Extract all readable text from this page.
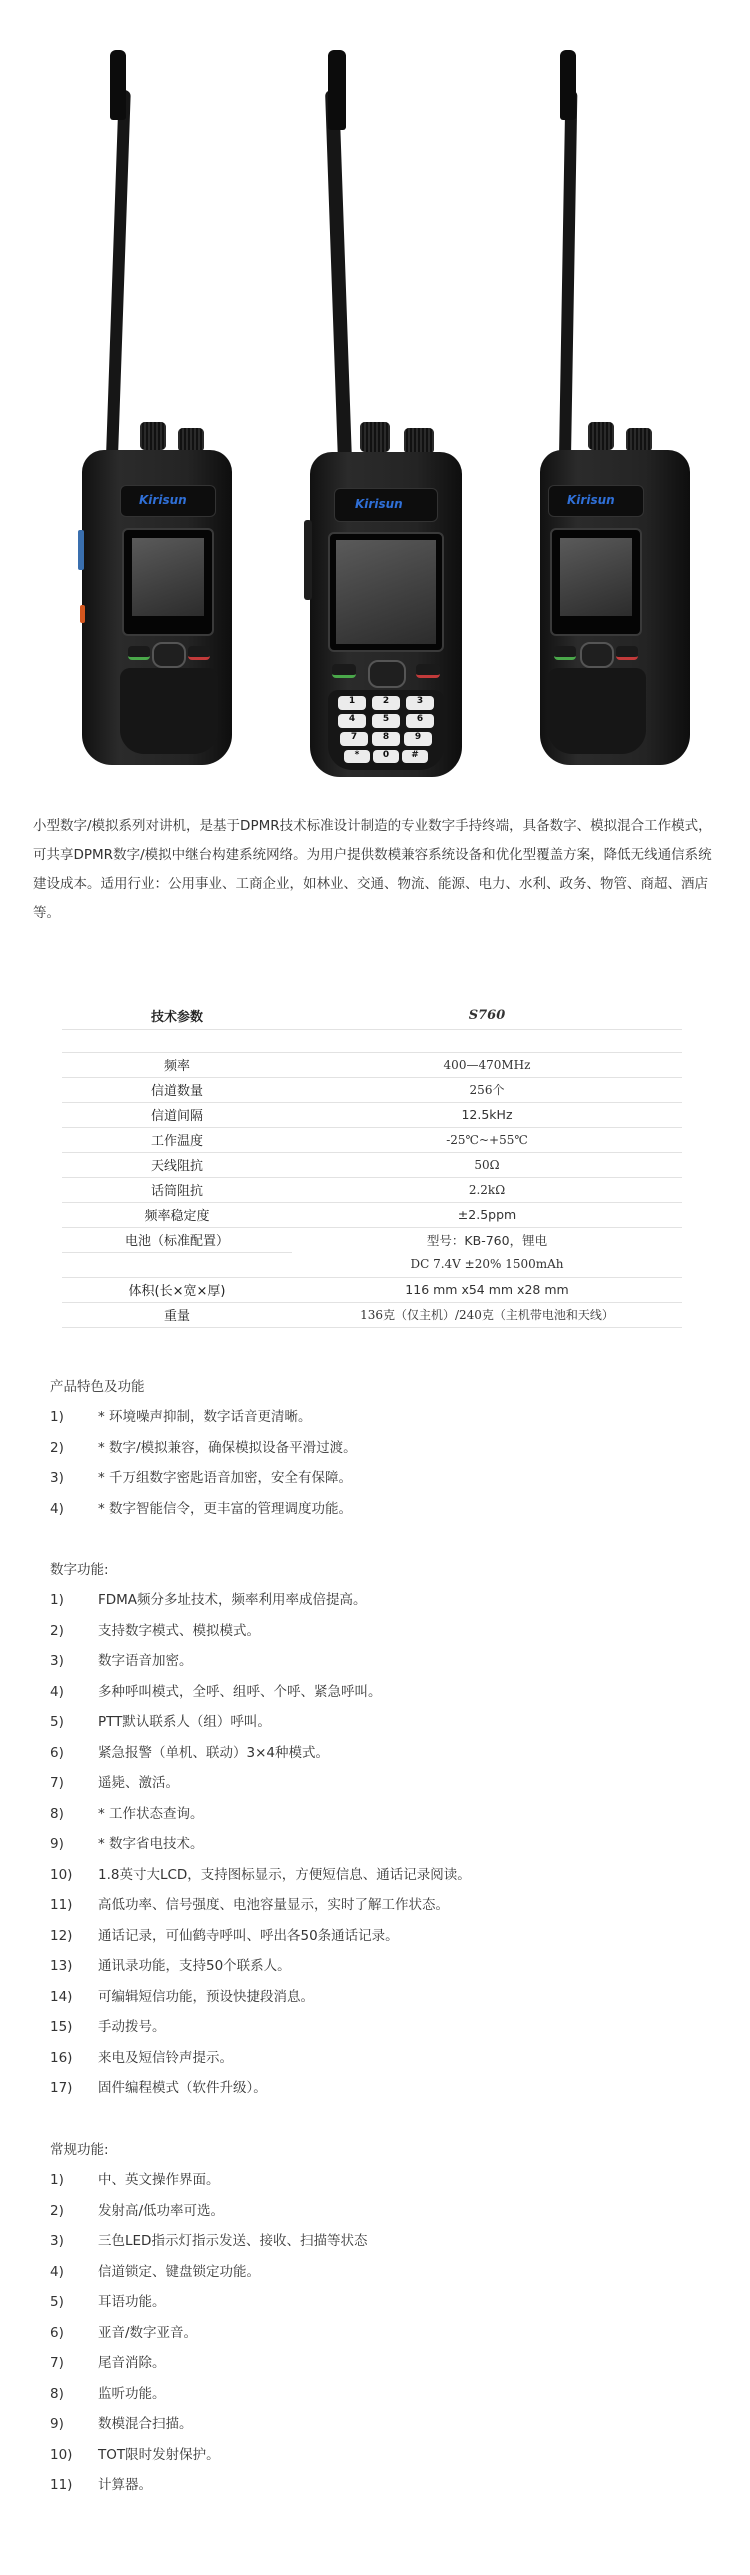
Kirisun	Kirisun
1	2	3
4	5	6
7	8	9
*	0	#
Kirisun

小型数字/模拟系列对讲机，是基于DPMR技术标准设计制造的专业数字手持终端，具备数字、模拟混合工作模式，可共享DPMR数字/模拟中继台构建系统网络。为用户提供数模兼容系统设备和优化型覆盖方案，降低无线通信系统建设成本。适用行业：公用事业、工商企业，如林业、交通、物流、能源、电力、水利、政务、物管、商超、酒店等。

技术参数	S760

频率	400—470MHz
信道数量	256个
信道间隔	12.5kHz
工作温度	-25℃~+55℃
天线阻抗	50Ω
话筒阻抗	2.2kΩ
频率稳定度	±2.5ppm
电池（标准配置）	型号：KB-760，锂电
	DC 7.4V ±20% 1500mAh
体积(长×宽×厚)	116 mm x54 mm x28 mm
重量	136克（仅主机）/240克（主机带电池和天线）
产品特色及功能
1)	* 环境噪声抑制，数字话音更清晰。
2)	* 数字/模拟兼容，确保模拟设备平滑过渡。
3)	* 千万组数字密匙语音加密，安全有保障。
4)	* 数字智能信令，更丰富的管理调度功能。
数字功能:
1)	FDMA频分多址技术，频率利用率成倍提高。
2)	支持数字模式、模拟模式。
3)	数字语音加密。
4)	多种呼叫模式，全呼、组呼、个呼、紧急呼叫。
5)	PTT默认联系人（组）呼叫。
6)	紧急报警（单机、联动）3×4种模式。
7)	遥毙、激活。
8)	* 工作状态查询。
9)	* 数字省电技术。
10)	1.8英寸大LCD，支持图标显示，方便短信息、通话记录阅读。
11)	高低功率、信号强度、电池容量显示，实时了解工作状态。
12)	通话记录，可仙鹤寺呼叫、呼出各50条通话记录。
13)	通讯录功能，支持50个联系人。
14)	可编辑短信功能，预设快捷段消息。
15)	手动拨号。
16)	来电及短信铃声提示。
17)	固件编程模式（软件升级）。
常规功能:
1)	中、英文操作界面。
2)	发射高/低功率可选。
3)	三色LED指示灯指示发送、接收、扫描等状态
4)	信道锁定、键盘锁定功能。
5)	耳语功能。
6)	亚音/数字亚音。
7)	尾音消除。
8)	监听功能。
9)	数模混合扫描。
10)	TOT限时发射保护。
11)	计算器。
